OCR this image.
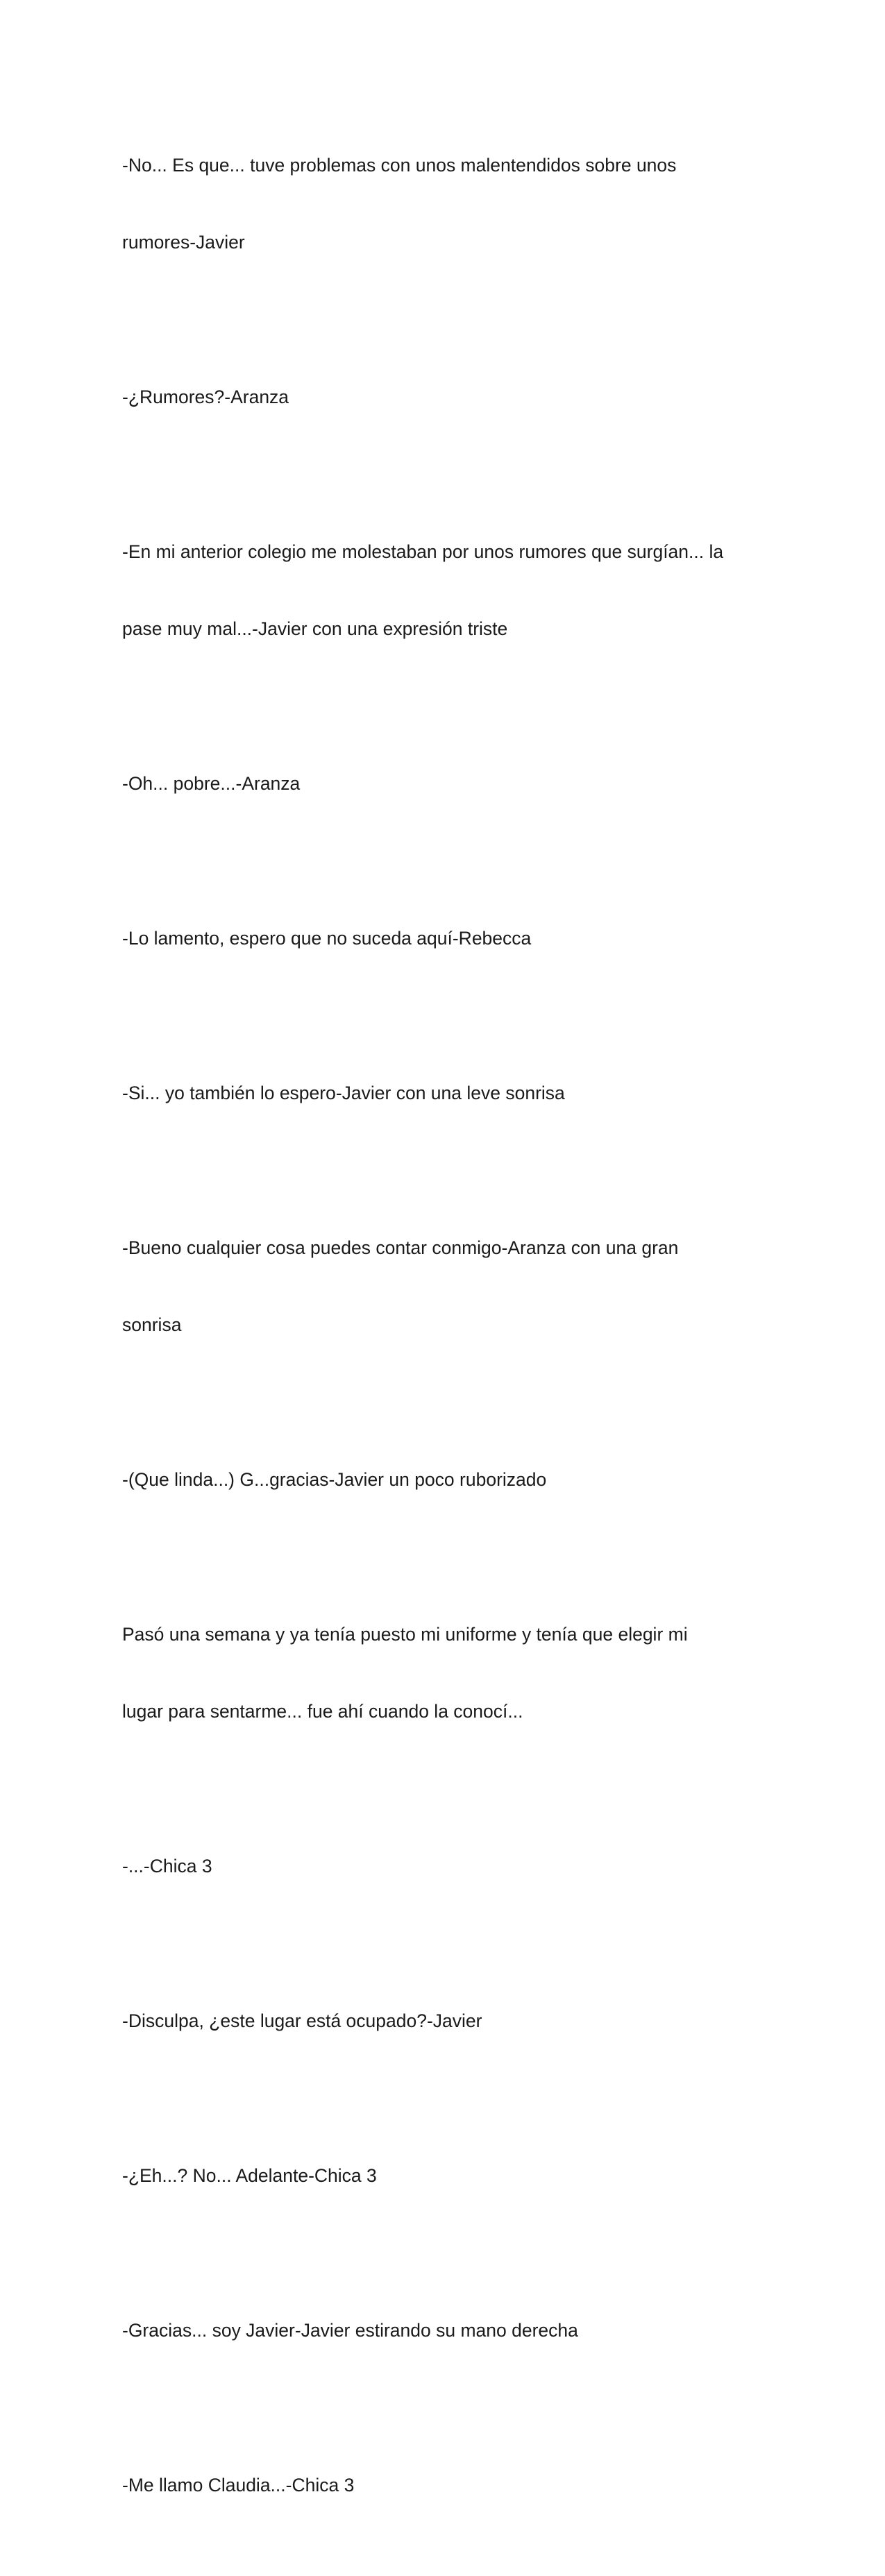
-No... Es que... tuve problemas con unos malentendidos sobre unos

rumores-Javier

-¿Rumores?-Aranza

-En mi anterior colegio me molestaban por unos rumores que surgían... la

pase muy mal...-Javier con una expresión triste

-Oh... pobre...-Aranza

-Lo lamento, espero que no suceda aquí-Rebecca

-Si... yo también lo espero-Javier con una leve sonrisa

-Bueno cualquier cosa puedes contar conmigo-Aranza con una gran

sonrisa

-(Que linda...) G...gracias-Javier un poco ruborizado

Pasó una semana y ya tenía puesto mi uniforme y tenía que elegir mi

lugar para sentarme... fue ahí cuando la conocí...

-...-Chica 3

-Disculpa, ¿este lugar está ocupado?-Javier

-¿Eh...? No... Adelante-Chica 3

-Gracias... soy Javier-Javier estirando su mano derecha

-Me llamo Claudia...-Chica 3
